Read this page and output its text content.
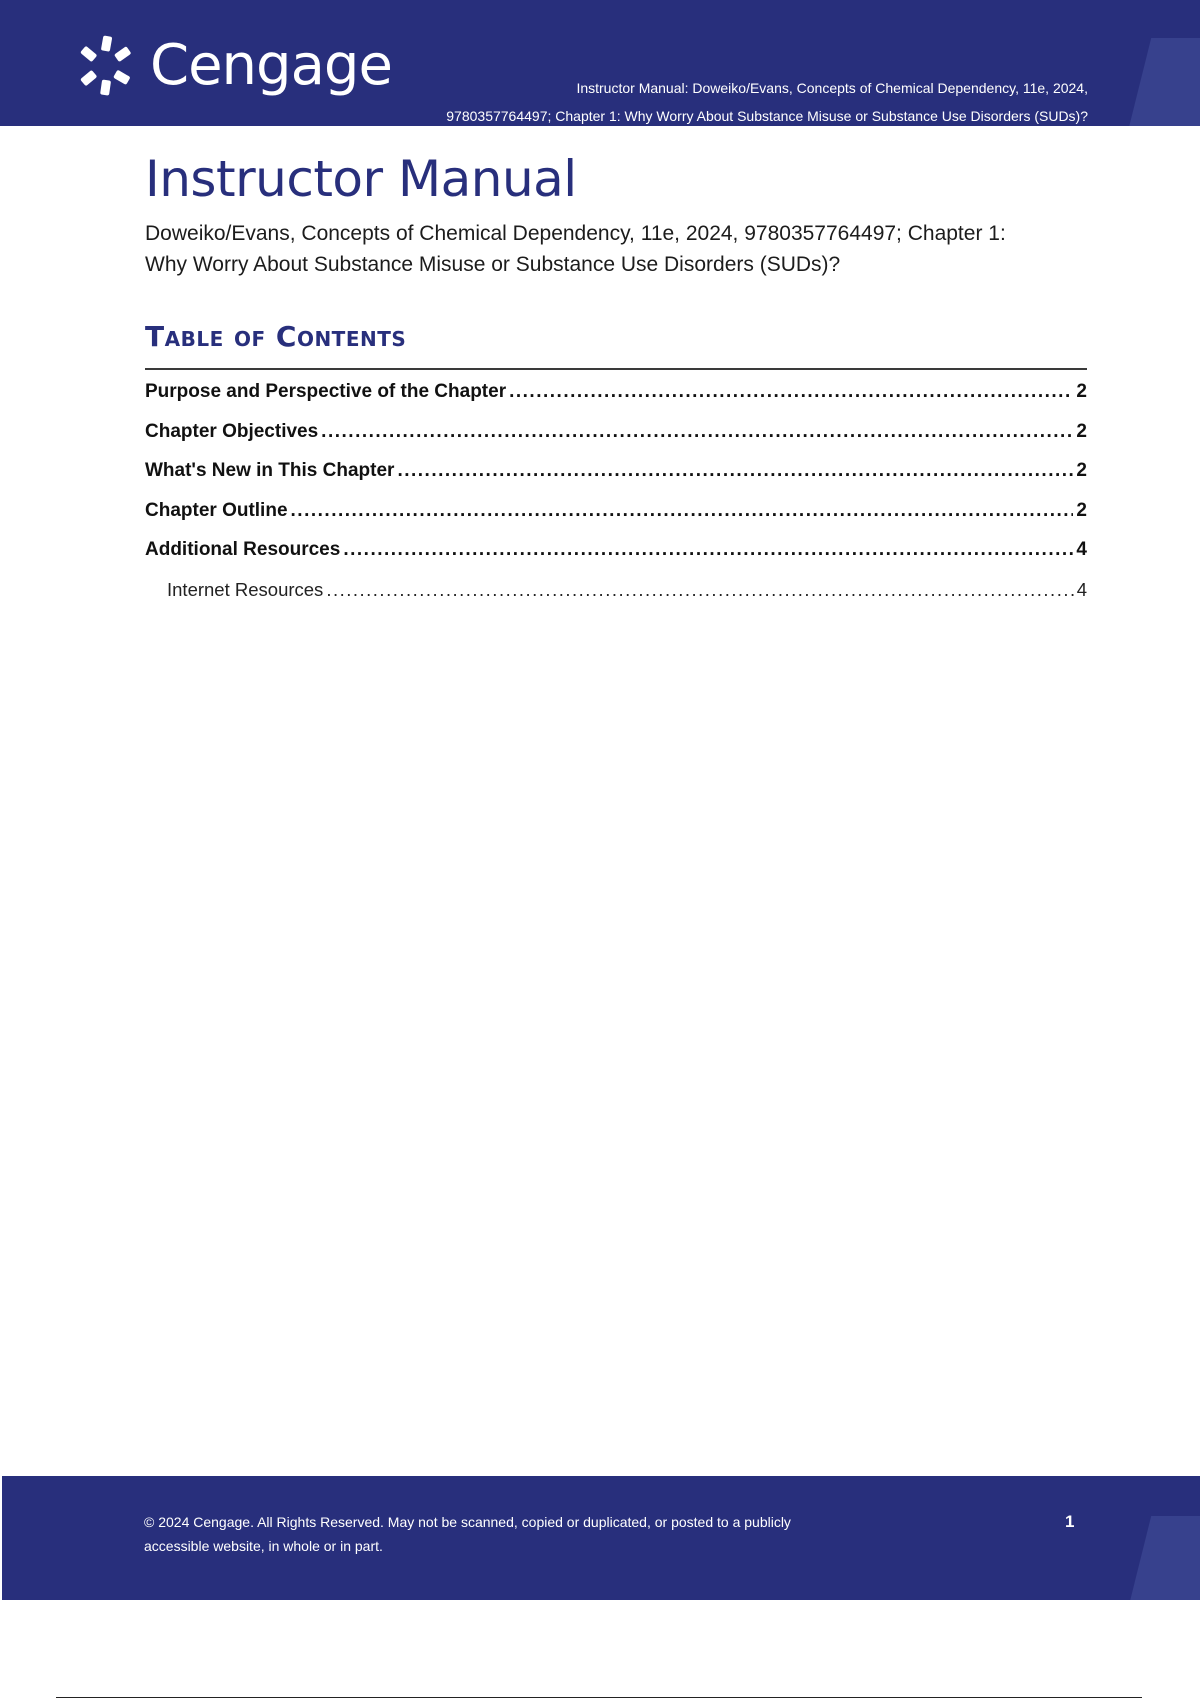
Cengage	Instructor Manual: Doweiko/Evans, Concepts of Chemical Dependency, 11e, 2024,
9780357764497; Chapter 1: Why Worry About Substance Misuse or Substance Use Disorders (SUDs)?
Instructor Manual
Doweiko/Evans, Concepts of Chemical Dependency, 11e, 2024, 9780357764497; Chapter 1:
Why Worry About Substance Misuse or Substance Use Disorders (SUDs)?
Table of Contents
Purpose and Perspective of the Chapter .....	2
Chapter Objectives .....	2
What's New in This Chapter .....	2
Chapter Outline .....	2
Additional Resources .....	4
Internet Resources .....	4
© 2024 Cengage. All Rights Reserved. May not be scanned, copied or duplicated, or posted to a publicly
accessible website, in whole or in part.
1
